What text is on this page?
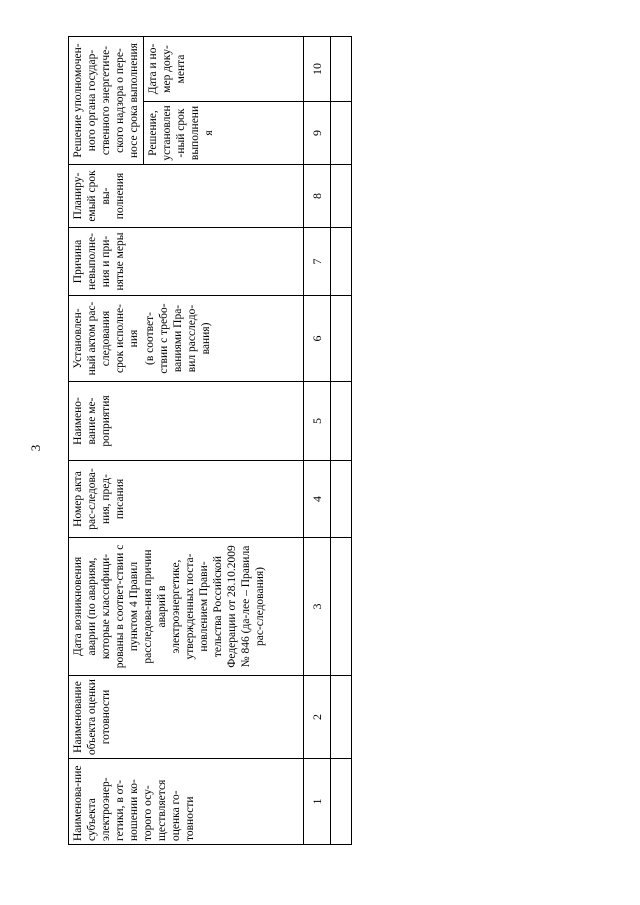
3
Наименова-ние субъекта электроэнер-гетики, в от-ношении ко-торого осу-ществляется оценка го-товности	Наименование объекта оценки готовности	Дата возникновения аварии (по авариям, которые классифици-рованы в соответ-ствии с пунктом 4 Правил расследова-ния причин аварий в электроэнергетике, утвержденных поста-новлением Прави-тельства Российской Федерации от 28.10.2009 № 846 (да-лее – Правила рас-следования)	Номер акта рас-следова-ния, пред-писания	Наимено-вание ме-роприятия	Установлен-ный актом рас-следования срок исполне-ния (в соответ-ствии с требо-ваниями Пра-вил расследо-вания)	Причина невыполне-ния и при-нятые меры	Планиру-емый срок вы-полнения	Решение уполномочен-ного органа государ-ственного энергетиче-ского надзора о пере-носе срока выполнения	
								Решение, установлен-ный срок выполнения	Дата и но-мер доку-мента
1	2	3	4	5	6	7	8	9	10
